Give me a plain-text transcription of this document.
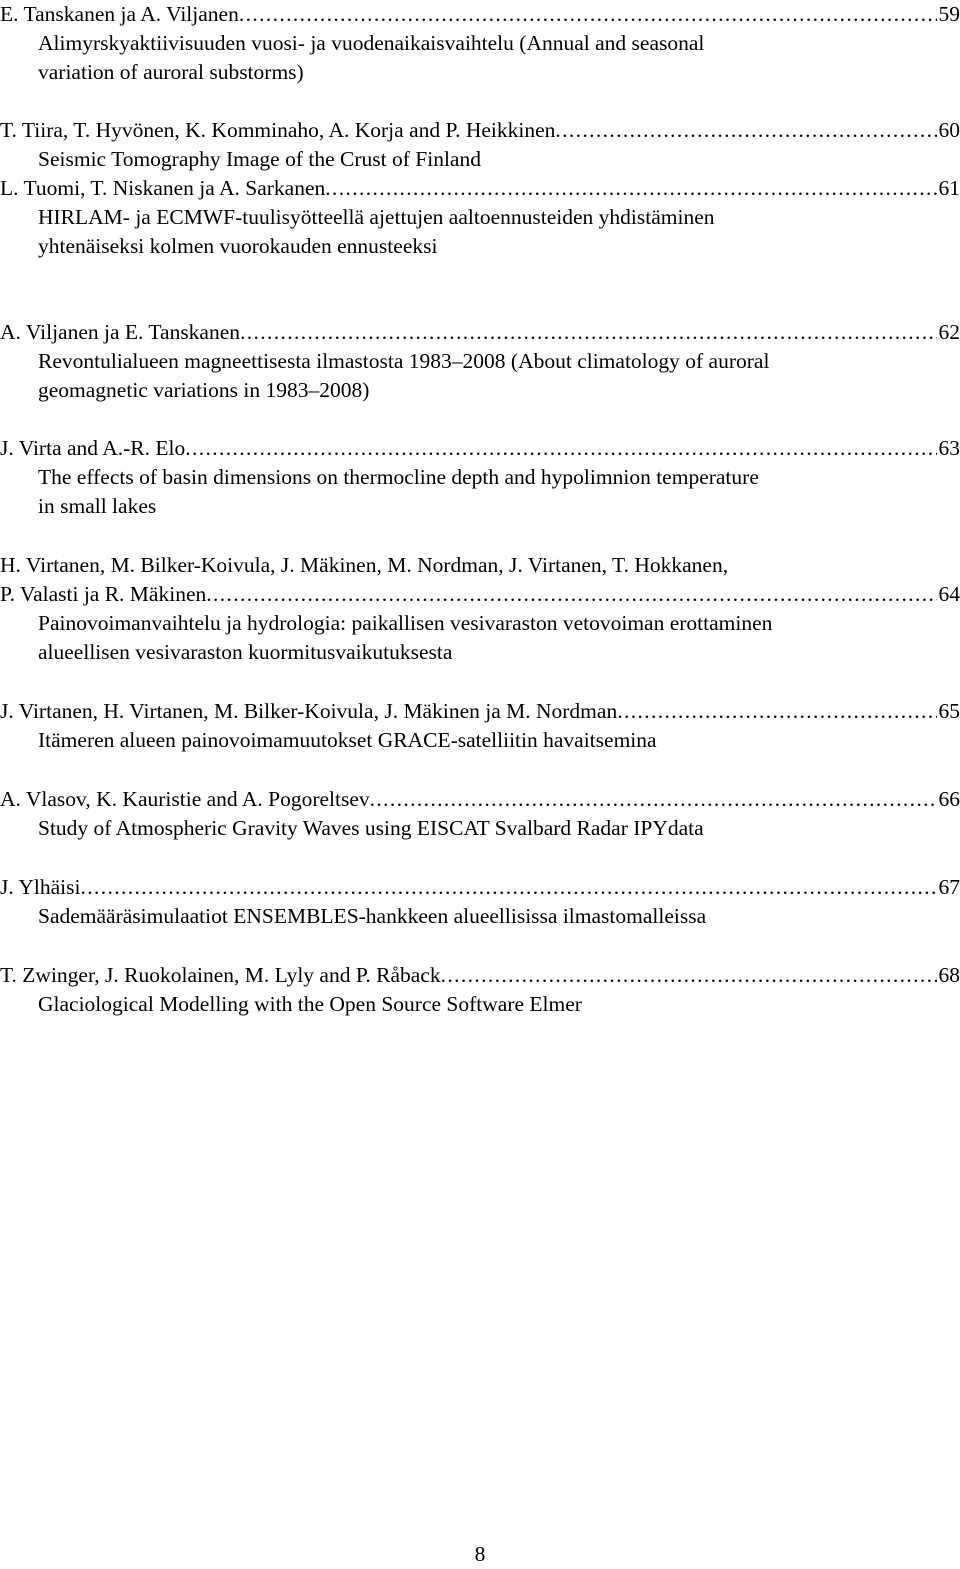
E. Tanskanen ja A. Viljanen . . .	59
Alimyrskyaktiivisuuden vuosi- ja vuodenaikaisvaihtelu (Annual and seasonal
variation of auroral substorms)
T. Tiira, T. Hyvönen, K. Komminaho, A. Korja and P. Heikkinen . . .	60
Seismic Tomography Image of the Crust of Finland
L. Tuomi, T. Niskanen ja A. Sarkanen . . .	61
HIRLAM- ja ECMWF-tuulisyötteellä ajettujen aaltoennusteiden yhdistäminen
yhtenäiseksi kolmen vuorokauden ennusteeksi
A. Viljanen ja E. Tanskanen . . .	62
Revontulialueen magneettisesta ilmastosta 1983–2008 (About climatology of auroral
geomagnetic variations in 1983–2008)
J. Virta and A.-R. Elo . . .	63
The effects of basin dimensions on thermocline depth and hypolimnion temperature
in small lakes
H. Virtanen, M. Bilker-Koivula, J. Mäkinen, M. Nordman, J. Virtanen, T. Hokkanen,
P. Valasti ja R. Mäkinen . . .	64
Painovoimanvaihtelu ja hydrologia: paikallisen vesivaraston vetovoiman erottaminen
alueellisen vesivaraston kuormitusvaikutuksesta
J. Virtanen, H. Virtanen, M. Bilker-Koivula, J. Mäkinen ja M. Nordman . . .	65
Itämeren alueen painovoimamuutokset GRACE-satelliitin havaitsemina
A. Vlasov, K. Kauristie and A. Pogoreltsev . . .	66
Study of Atmospheric Gravity Waves using EISCAT Svalbard Radar IPYdata
J. Ylhäisi . . .	67
Sademääräsimulaatiot ENSEMBLES-hankkeen alueellisissa ilmastomalleissa
T. Zwinger, J. Ruokolainen, M. Lyly and P. Råback . . .	68
Glaciological Modelling with the Open Source Software Elmer
8
